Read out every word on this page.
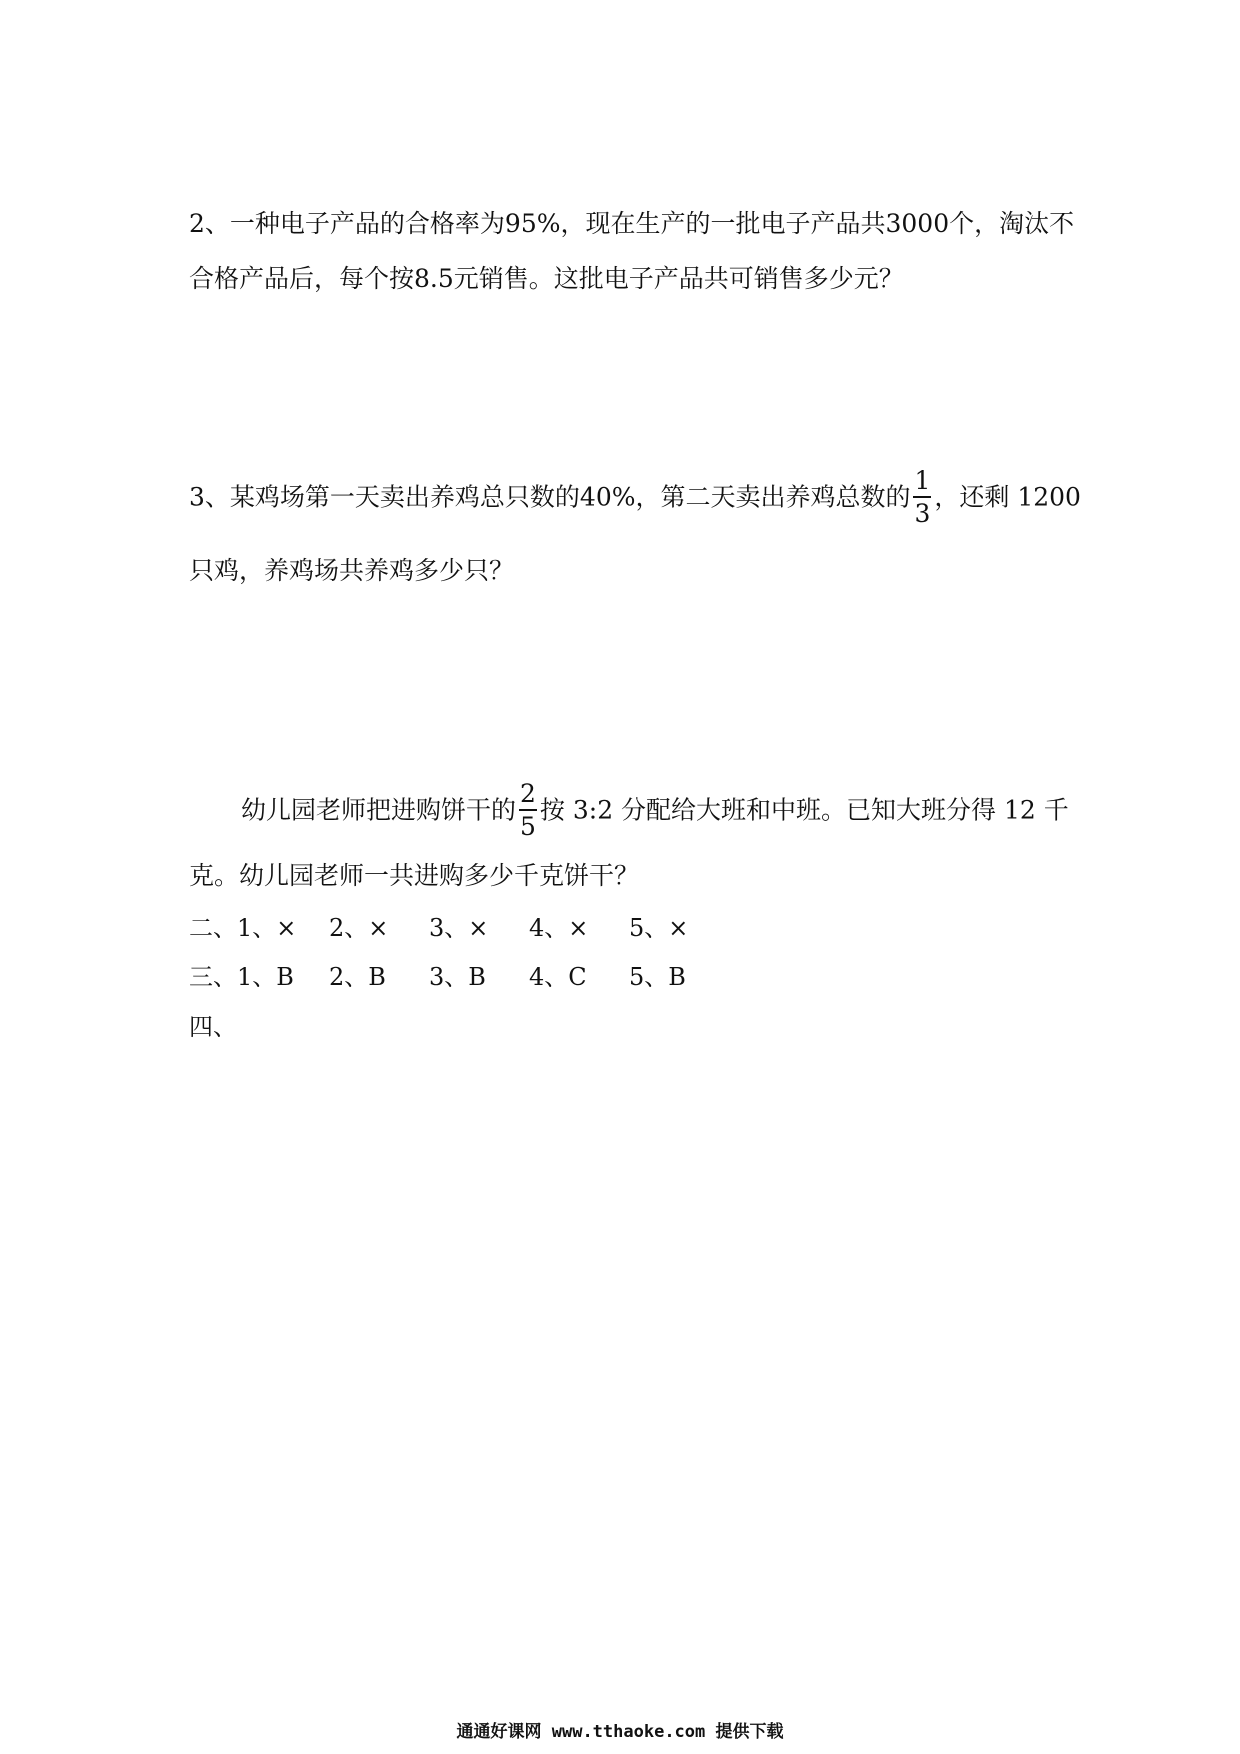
2、一种电子产品的合格率为95%，现在生产的一批电子产品共3000个，淘汰不
合格产品后，每个按8.5元销售。这批电子产品共可销售多少元？
3、某鸡场第一天卖出养鸡总只数的40%，第二天卖出养鸡总数的 $\frac{1}{3}$ ，还剩 1200
只鸡，养鸡场共养鸡多少只？
幼儿园老师把进购饼干的 $\frac{2}{5}$ 按 3:2 分配给大班和中班。已知大班分得 12 千
克。幼儿园老师一共进购多少千克饼干？
二、1、×	2、×	3、×	4、×	5、×
三、1、B	2、B	3、B	4、C	5、B
四、
通通好课网 www.tthaoke.com 提供下载
